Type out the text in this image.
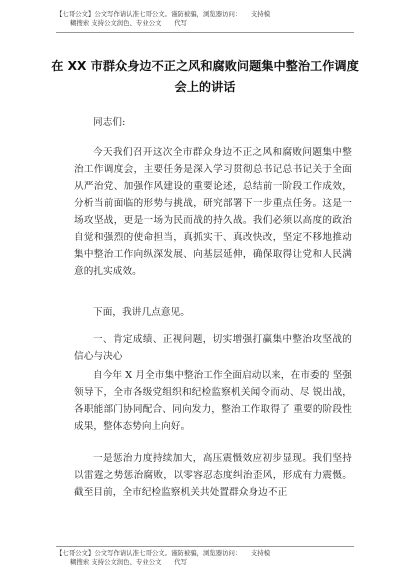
【七哥公文】公文写作请认准七哥公文。谨防被骗，浏览器访问：　　支持模
糊搜索 支持公文润色、专业公文　　代写
在 XX 市群众身边不正之风和腐败问题集中整治工作调度
会上的讲话

同志们:

今天我们召开这次全市群众身边不正之风和腐败问题集中整治工作调度会，主要任务是深入学习贯彻总书记总书记关于全面从严治党、加强作风建设的重要论述，总结前一阶段工作成效，分析当前面临的形势与挑战，研究部署下一步重点任务。这是一场攻坚战，更是一场为民而战的持久战。我们必须以高度的政治自觉和强烈的使命担当，真抓实干、真改快改，坚定不移地推动集中整治工作向纵深发展、向基层延伸，确保取得让党和人民满意的扎实成效。

下面，我讲几点意见。

一、肯定成绩、正视问题，切实增强打赢集中整治攻坚战的信心与决心

自今年 X 月全市集中整治工作全面启动以来，在市委的 坚强领导下，全市各级党组织和纪检监察机关闻令而动、尽 锐出战，各职能部门协同配合、同向发力，整治工作取得了 重要的阶段性成果，整体态势向上向好。

一是惩治力度持续加大，高压震慑效应初步显现。我们坚持以雷霆之势惩治腐败，以零容忍态度纠治歪风，形成有力震慑。截至目前，全市纪检监察机关共处置群众身边不正

【七哥公文】公文写作请认准七哥公文。谨防被骗，浏览器访问：　　支持模
糊搜索 支持公文润色、专业公文　　代写
